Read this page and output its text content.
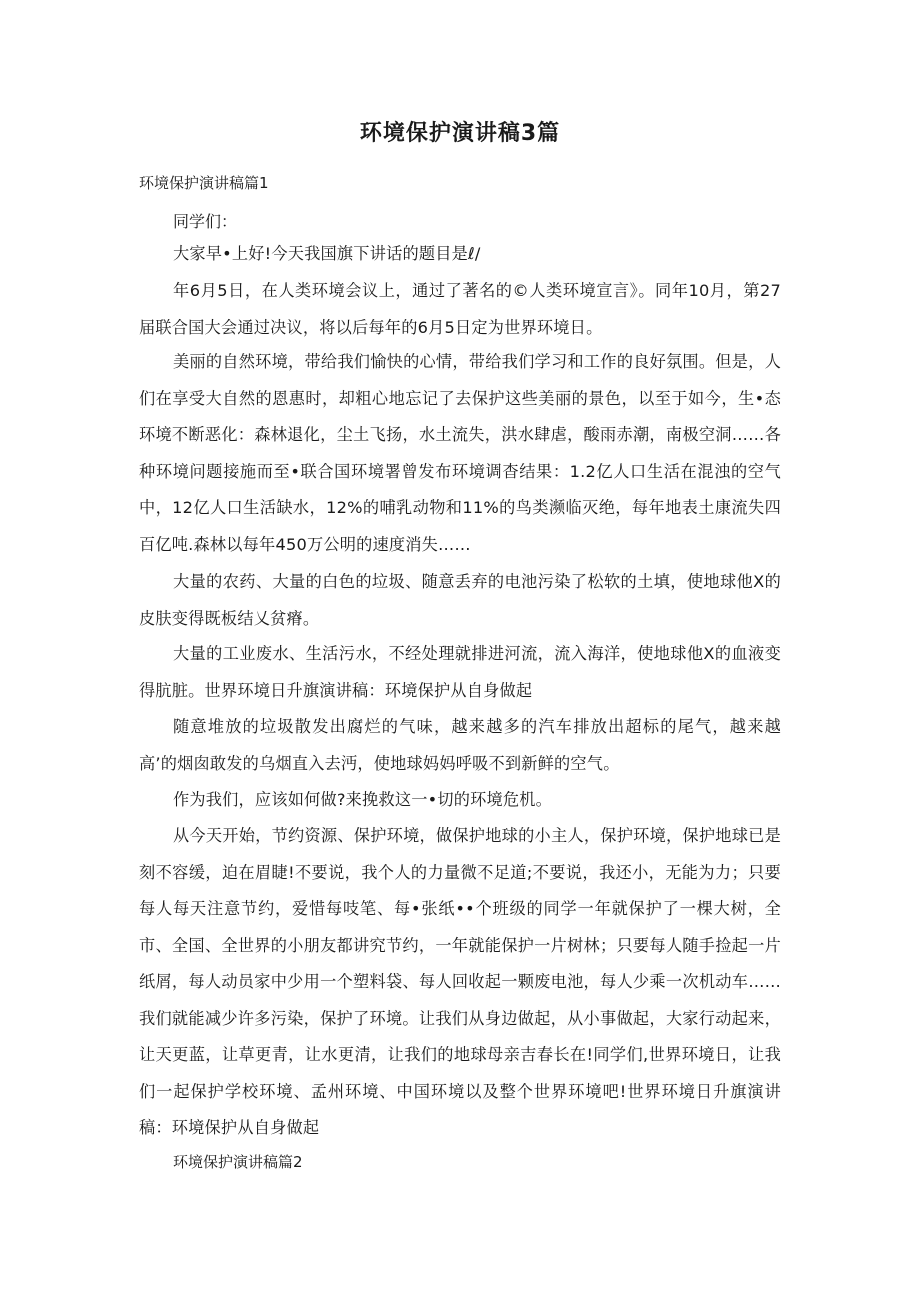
环境保护演讲稿3篇
环境保护演讲稿篇1
同学们：
大家早•上好!今天我国旗下讲话的题目是ℓ/
年6月5日，在人类环境会议上，通过了著名的©人类环境宣言》。同年10月，第27届联合国大会通过决议，将以后每年的6月5日定为世界环境日。
美丽的自然环境，带给我们愉快的心情，带给我们学习和工作的良好氛围。但是，人们在享受大自然的恩惠时，却粗心地忘记了去保护这些美丽的景色，以至于如今，生•态环境不断恶化：森林退化，尘土飞扬，水土流失，洪水肆虐，酸雨赤潮，南极空洞……各种环境问题接施而至•联合国环境署曾发布环境调杳结果：1.2亿人口生活在混浊的空气中，12亿人口生活缺水，12%的哺乳动物和11%的鸟类濒临灭绝，每年地表土康流失四百亿吨.森林以每年450万公明的速度消失……
大量的农药、大量的白色的垃圾、随意丢弃的电池污染了松软的土填，使地球他X的皮肤变得既板结乂贫瘠。
大量的工业废水、生活污水，不经处理就排进河流，流入海洋，使地球他X的血液变得肮脏。世界环境日升旗演讲稿：环境保护从自身做起
随意堆放的垃圾散发出腐烂的气味，越来越多的汽车排放出超标的尾气，越来越高’的烟囱敢发的乌烟直入去沔，使地球妈妈呼吸不到新鲜的空气。
作为我们，应该如何做?来挽救这一•切的环境危机。
从今天开始，节约资源、保护环境，做保护地球的小主人，保护环境，保护地球已是刻不容缓，迫在眉睫!不要说，我个人的力量微不足道;不要说，我还小，无能为力；只要每人每天注意节约，爱惜每吱笔、每•张纸••个班级的同学一年就保护了一棵大树，全市、全国、全世界的小朋友都讲究节约，一年就能保护一片树林；只要每人随手捡起一片纸屑，每人动员家中少用一个塑料袋、每人回收起一颗废电池，每人少乘一次机动车……我们就能减少许多污染，保护了环境。让我们从身边做起，从小事做起，大家行动起来，让天更蓝，让草更青，让水更清，让我们的地球母亲吉春长在!同学们,世界环境日，让我们一起保护学校环境、孟州环境、中国环境以及整个世界环境吧!世界环境日升旗演讲稿：环境保护从自身做起
环境保护演讲稿篇2
